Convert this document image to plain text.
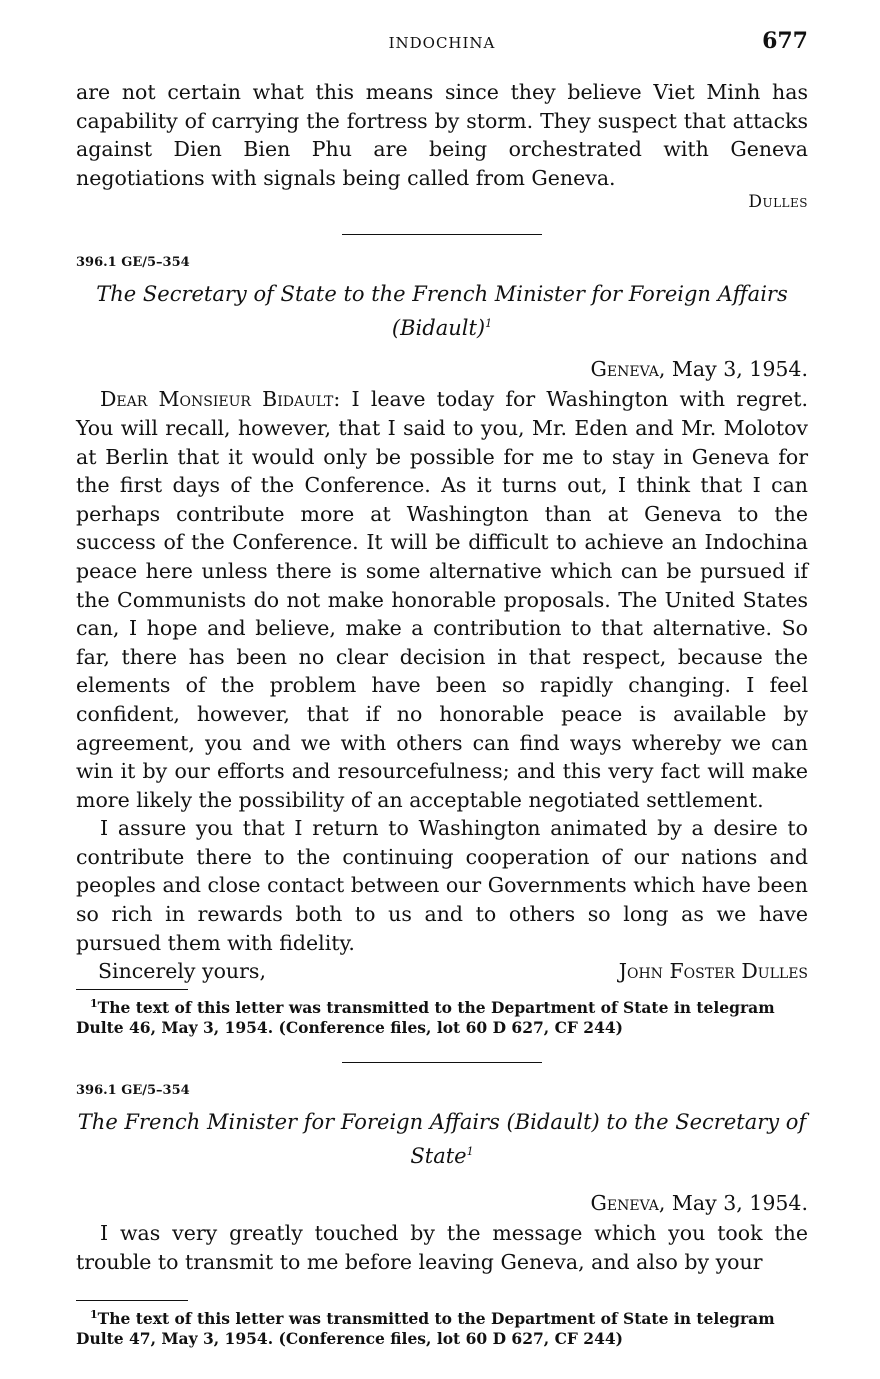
INDOCHINA	677

are not certain what this means since they believe Viet Minh has capability of carrying the fortress by storm. They suspect that attacks against Dien Bien Phu are being orchestrated with Geneva negotiations with signals being called from Geneva.

Dulles

396.1 GE/5–354

The Secretary of State to the French Minister for Foreign Affairs (Bidault)$^1$

Geneva, May 3, 1954.

Dear Monsieur Bidault: I leave today for Washington with regret. You will recall, however, that I said to you, Mr. Eden and Mr. Molotov at Berlin that it would only be possible for me to stay in Geneva for the first days of the Conference. As it turns out, I think that I can perhaps contribute more at Washington than at Geneva to the success of the Conference. It will be difficult to achieve an Indochina peace here unless there is some alternative which can be pursued if the Communists do not make honorable proposals. The United States can, I hope and believe, make a contribution to that alternative. So far, there has been no clear decision in that respect, because the elements of the problem have been so rapidly changing. I feel confident, however, that if no honorable peace is available by agreement, you and we with others can find ways whereby we can win it by our efforts and resourcefulness; and this very fact will make more likely the possibility of an acceptable negotiated settlement.

I assure you that I return to Washington animated by a desire to contribute there to the continuing cooperation of our nations and peoples and close contact between our Governments which have been so rich in rewards both to us and to others so long as we have pursued them with fidelity.

Sincerely yours,	John Foster Dulles

$^1$The text of this letter was transmitted to the Department of State in telegram Dulte 46, May 3, 1954. (Conference files, lot 60 D 627, CF 244)

396.1 GE/5–354

The French Minister for Foreign Affairs (Bidault) to the Secretary of State$^1$

Geneva, May 3, 1954.

I was very greatly touched by the message which you took the trouble to transmit to me before leaving Geneva, and also by your

$^1$The text of this letter was transmitted to the Department of State in telegram Dulte 47, May 3, 1954. (Conference files, lot 60 D 627, CF 244)
